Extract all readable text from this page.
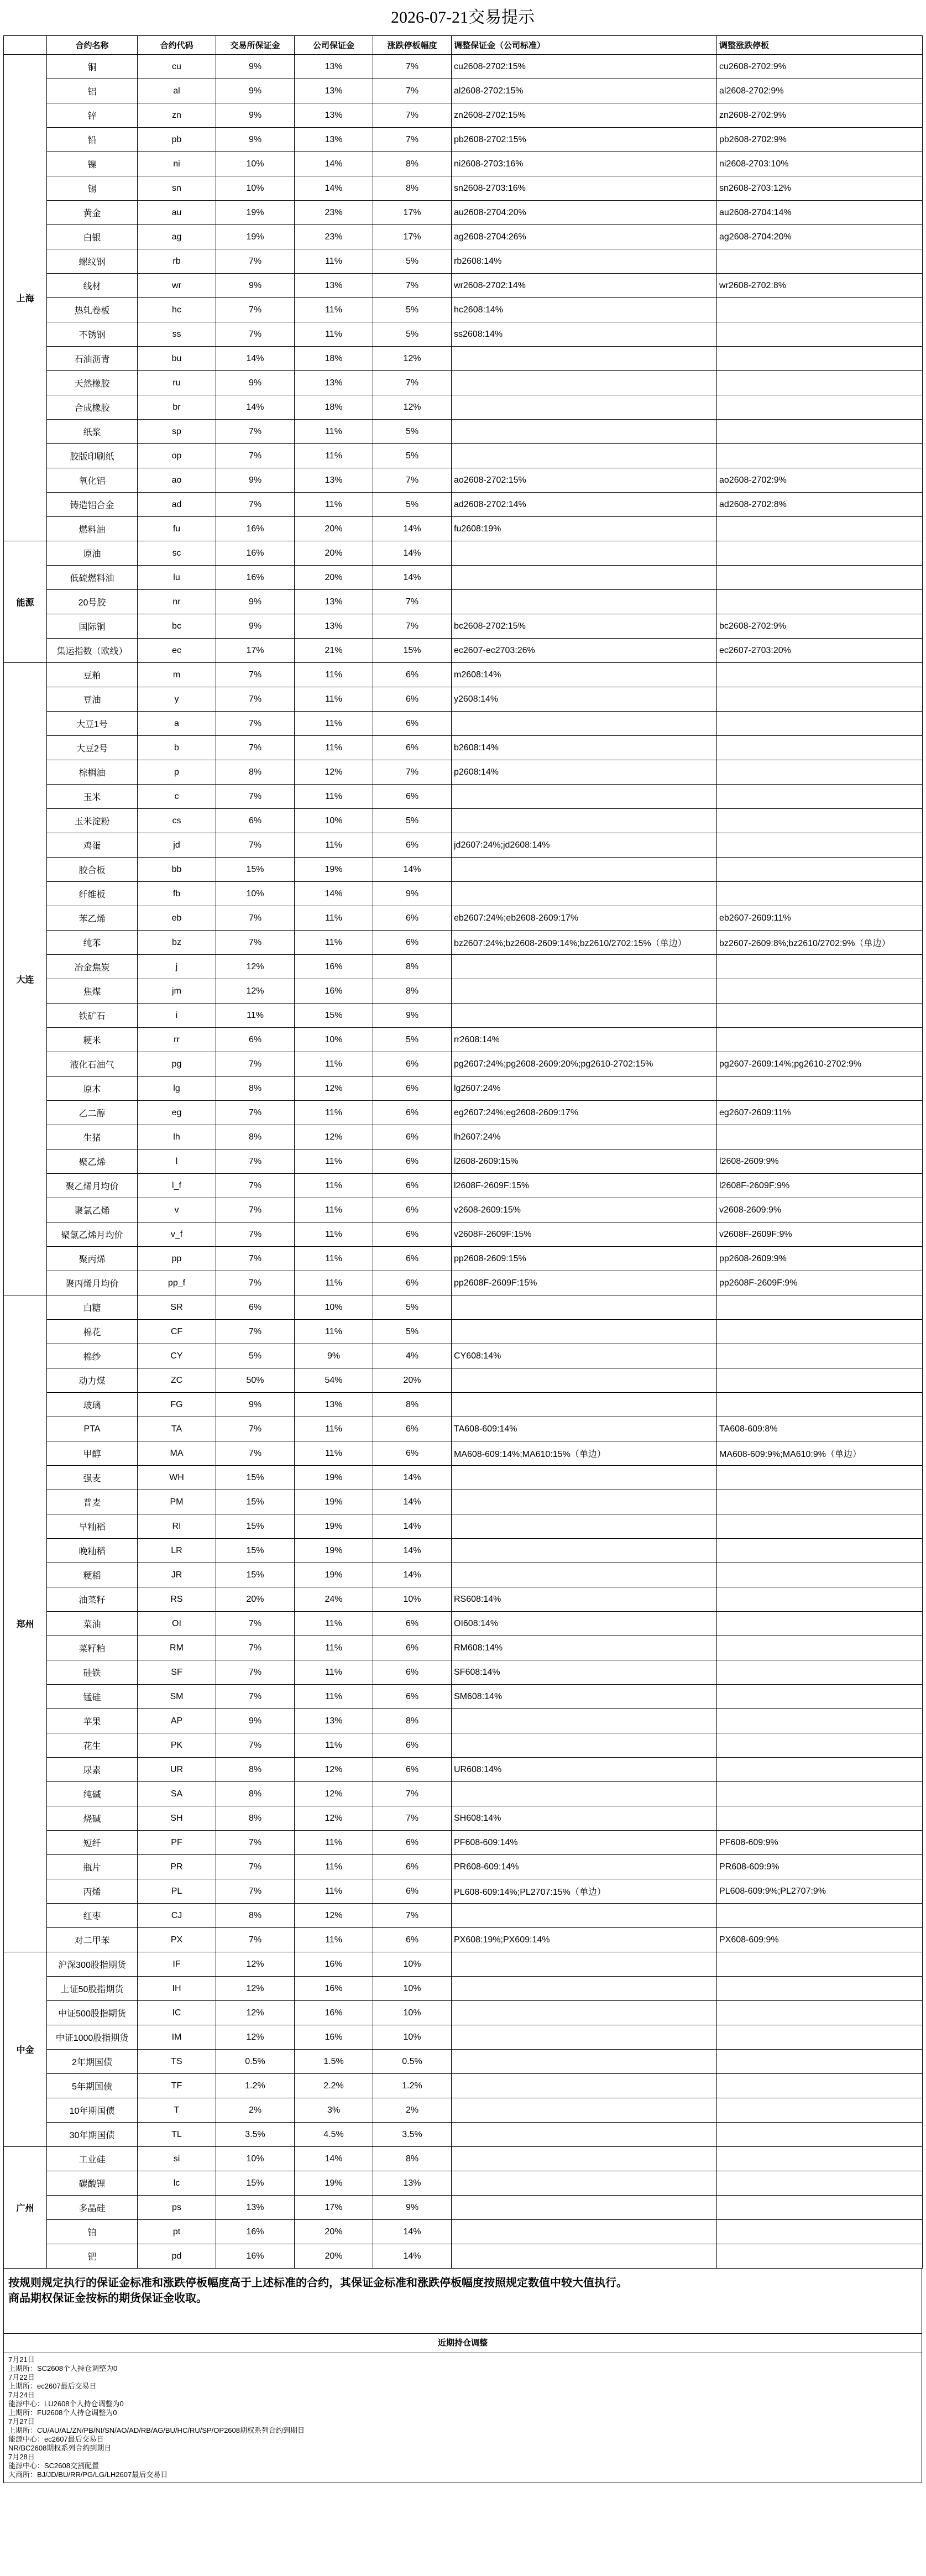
2026-07-21交易提示
	合约名称	合约代码	交易所保证金	公司保证金	涨跌停板幅度	调整保证金（公司标准）	调整涨跌停板
上海	铜	cu	9%	13%	7%	cu2608-2702:15%	cu2608-2702:9%
	铝	al	9%	13%	7%	al2608-2702:15%	al2608-2702:9%
	锌	zn	9%	13%	7%	zn2608-2702:15%	zn2608-2702:9%
	铅	pb	9%	13%	7%	pb2608-2702:15%	pb2608-2702:9%
	镍	ni	10%	14%	8%	ni2608-2703:16%	ni2608-2703:10%
	锡	sn	10%	14%	8%	sn2608-2703:16%	sn2608-2703:12%
	黄金	au	19%	23%	17%	au2608-2704:20%	au2608-2704:14%
	白银	ag	19%	23%	17%	ag2608-2704:26%	ag2608-2704:20%
	螺纹钢	rb	7%	11%	5%	rb2608:14%	
	线材	wr	9%	13%	7%	wr2608-2702:14%	wr2608-2702:8%
	热轧卷板	hc	7%	11%	5%	hc2608:14%	
	不锈钢	ss	7%	11%	5%	ss2608:14%	
	石油沥青	bu	14%	18%	12%		
	天然橡胶	ru	9%	13%	7%		
	合成橡胶	br	14%	18%	12%		
	纸浆	sp	7%	11%	5%		
	胶版印刷纸	op	7%	11%	5%		
	氧化铝	ao	9%	13%	7%	ao2608-2702:15%	ao2608-2702:9%
	铸造铝合金	ad	7%	11%	5%	ad2608-2702:14%	ad2608-2702:8%
	燃料油	fu	16%	20%	14%	fu2608:19%	
能源	原油	sc	16%	20%	14%		
	低硫燃料油	lu	16%	20%	14%		
	20号胶	nr	9%	13%	7%		
	国际铜	bc	9%	13%	7%	bc2608-2702:15%	bc2608-2702:9%
	集运指数（欧线）	ec	17%	21%	15%	ec2607-ec2703:26%	ec2607-2703:20%
大连	豆粕	m	7%	11%	6%	m2608:14%	
	豆油	y	7%	11%	6%	y2608:14%	
	大豆1号	a	7%	11%	6%		
	大豆2号	b	7%	11%	6%	b2608:14%	
	棕榈油	p	8%	12%	7%	p2608:14%	
	玉米	c	7%	11%	6%		
	玉米淀粉	cs	6%	10%	5%		
	鸡蛋	jd	7%	11%	6%	jd2607:24%;jd2608:14%	
	胶合板	bb	15%	19%	14%		
	纤维板	fb	10%	14%	9%		
	苯乙烯	eb	7%	11%	6%	eb2607:24%;eb2608-2609:17%	eb2607-2609:11%
	纯苯	bz	7%	11%	6%	bz2607:24%;bz2608-2609:14%;bz2610/2702:15%（单边）	bz2607-2609:8%;bz2610/2702:9%（单边）
	冶金焦炭	j	12%	16%	8%		
	焦煤	jm	12%	16%	8%		
	铁矿石	i	11%	15%	9%		
	粳米	rr	6%	10%	5%	rr2608:14%	
	液化石油气	pg	7%	11%	6%	pg2607:24%;pg2608-2609:20%;pg2610-2702:15%	pg2607-2609:14%;pg2610-2702:9%
	原木	lg	8%	12%	6%	lg2607:24%	
	乙二醇	eg	7%	11%	6%	eg2607:24%;eg2608-2609:17%	eg2607-2609:11%
	生猪	lh	8%	12%	6%	lh2607:24%	
	聚乙烯	l	7%	11%	6%	l2608-2609:15%	l2608-2609:9%
	聚乙烯月均价	l_f	7%	11%	6%	l2608F-2609F:15%	l2608F-2609F:9%
	聚氯乙烯	v	7%	11%	6%	v2608-2609:15%	v2608-2609:9%
	聚氯乙烯月均价	v_f	7%	11%	6%	v2608F-2609F:15%	v2608F-2609F:9%
	聚丙烯	pp	7%	11%	6%	pp2608-2609:15%	pp2608-2609:9%
	聚丙烯月均价	pp_f	7%	11%	6%	pp2608F-2609F:15%	pp2608F-2609F:9%
郑州	白糖	SR	6%	10%	5%		
	棉花	CF	7%	11%	5%		
	棉纱	CY	5%	9%	4%	CY608:14%	
	动力煤	ZC	50%	54%	20%		
	玻璃	FG	9%	13%	8%		
	PTA	TA	7%	11%	6%	TA608-609:14%	TA608-609:8%
	甲醇	MA	7%	11%	6%	MA608-609:14%;MA610:15%（单边）	MA608-609:9%;MA610:9%（单边）
	强麦	WH	15%	19%	14%		
	普麦	PM	15%	19%	14%		
	早籼稻	RI	15%	19%	14%		
	晚籼稻	LR	15%	19%	14%		
	粳稻	JR	15%	19%	14%		
	油菜籽	RS	20%	24%	10%	RS608:14%	
	菜油	OI	7%	11%	6%	OI608:14%	
	菜籽粕	RM	7%	11%	6%	RM608:14%	
	硅铁	SF	7%	11%	6%	SF608:14%	
	锰硅	SM	7%	11%	6%	SM608:14%	
	苹果	AP	9%	13%	8%		
	花生	PK	7%	11%	6%		
	尿素	UR	8%	12%	6%	UR608:14%	
	纯碱	SA	8%	12%	7%		
	烧碱	SH	8%	12%	7%	SH608:14%	
	短纤	PF	7%	11%	6%	PF608-609:14%	PF608-609:9%
	瓶片	PR	7%	11%	6%	PR608-609:14%	PR608-609:9%
	丙烯	PL	7%	11%	6%	PL608-609:14%;PL2707:15%（单边）	PL608-609:9%;PL2707:9%
	红枣	CJ	8%	12%	7%		
	对二甲苯	PX	7%	11%	6%	PX608:19%;PX609:14%	PX608-609:9%
中金	沪深300股指期货	IF	12%	16%	10%		
	上证50股指期货	IH	12%	16%	10%		
	中证500股指期货	IC	12%	16%	10%		
	中证1000股指期货	IM	12%	16%	10%		
	2年期国债	TS	0.5%	1.5%	0.5%		
	5年期国债	TF	1.2%	2.2%	1.2%		
	10年期国债	T	2%	3%	2%		
	30年期国债	TL	3.5%	4.5%	3.5%		
广州	工业硅	si	10%	14%	8%		
	碳酸锂	lc	15%	19%	13%		
	多晶硅	ps	13%	17%	9%		
	铂	pt	16%	20%	14%		
	钯	pd	16%	20%	14%		
按规则规定执行的保证金标准和涨跌停板幅度高于上述标准的合约，其保证金标准和涨跌停板幅度按照规定数值中较大值执行。
商品期权保证金按标的期货保证金收取。
近期持仓调整
7月21日
上期所：SC2608个人持仓调整为0
7月22日
上期所：ec2607最后交易日
7月24日
能源中心：LU2608个人持仓调整为0
上期所：FU2608个人持仓调整为0
7月27日
上期所：CU/AU/AL/ZN/PB/NI/SN/AO/AD/RB/AG/BU/HC/RU/SP/OP2608期权系列合约到期日
能源中心：ec2607最后交易日
NR/BC2608期权系列合约到期日
7月28日
能源中心：SC2608交割配置
大商所：BJ/JD/BU/RR/PG/LG/LH2607最后交易日
